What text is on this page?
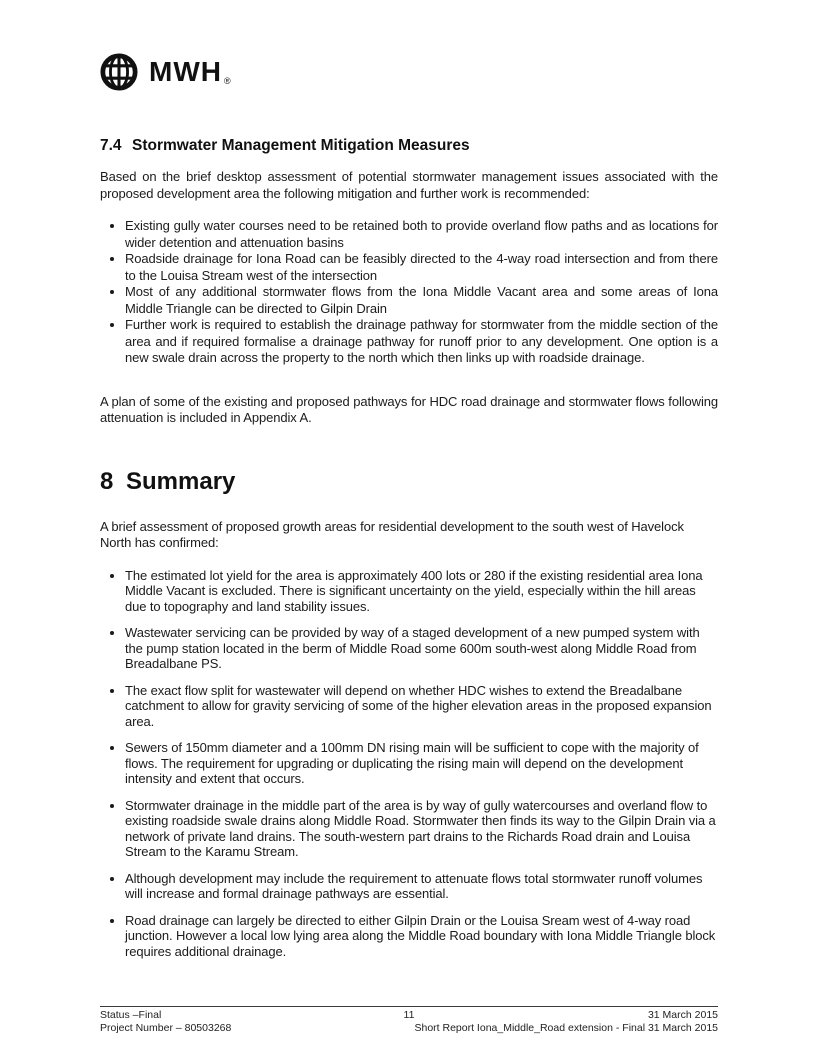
MWH ®
7.4 Stormwater Management Mitigation Measures

Based on the brief desktop assessment of potential stormwater management issues associated with the proposed development area the following mitigation and further work is recommended:

• Existing gully water courses need to be retained both to provide overland flow paths and as locations for wider detention and attenuation basins
• Roadside drainage for Iona Road can be feasibly directed to the 4-way road intersection and from there to the Louisa Stream west of the intersection
• Most of any additional stormwater flows from the Iona Middle Vacant area and some areas of Iona Middle Triangle can be directed to Gilpin Drain
• Further work is required to establish the drainage pathway for stormwater from the middle section of the area and if required formalise a drainage pathway for runoff prior to any development. One option is a new swale drain across the property to the north which then links up with roadside drainage.

A plan of some of the existing and proposed pathways for HDC road drainage and stormwater flows following attenuation is included in Appendix A.

8 Summary

A brief assessment of proposed growth areas for residential development to the south west of Havelock North has confirmed:

• The estimated lot yield for the area is approximately 400 lots or 280 if the existing residential area Iona Middle Vacant is excluded. There is significant uncertainty on the yield, especially within the hill areas due to topography and land stability issues.
• Wastewater servicing can be provided by way of a staged development of a new pumped system with the pump station located in the berm of Middle Road some 600m south-west along Middle Road from Breadalbane PS.
• The exact flow split for wastewater will depend on whether HDC wishes to extend the Breadalbane catchment to allow for gravity servicing of some of the higher elevation areas in the proposed expansion area.
• Sewers of 150mm diameter and a 100mm DN rising main will be sufficient to cope with the majority of flows. The requirement for upgrading or duplicating the rising main will depend on the development intensity and extent that occurs.
• Stormwater drainage in the middle part of the area is by way of gully watercourses and overland flow to existing roadside swale drains along Middle Road. Stormwater then finds its way to the Gilpin Drain via a network of private land drains. The south-western part drains to the Richards Road drain and Louisa Stream to the Karamu Stream.
• Although development may include the requirement to attenuate flows total stormwater runoff volumes will increase and formal drainage pathways are essential.
• Road drainage can largely be directed to either Gilpin Drain or the Louisa Sream west of 4-way road junction. However a local low lying area along the Middle Road boundary with Iona Middle Triangle block requires additional drainage.
Status –Final
Project Number – 80503268
11	31 March 2015
Short Report Iona_Middle_Road extension - Final 31 March 2015
